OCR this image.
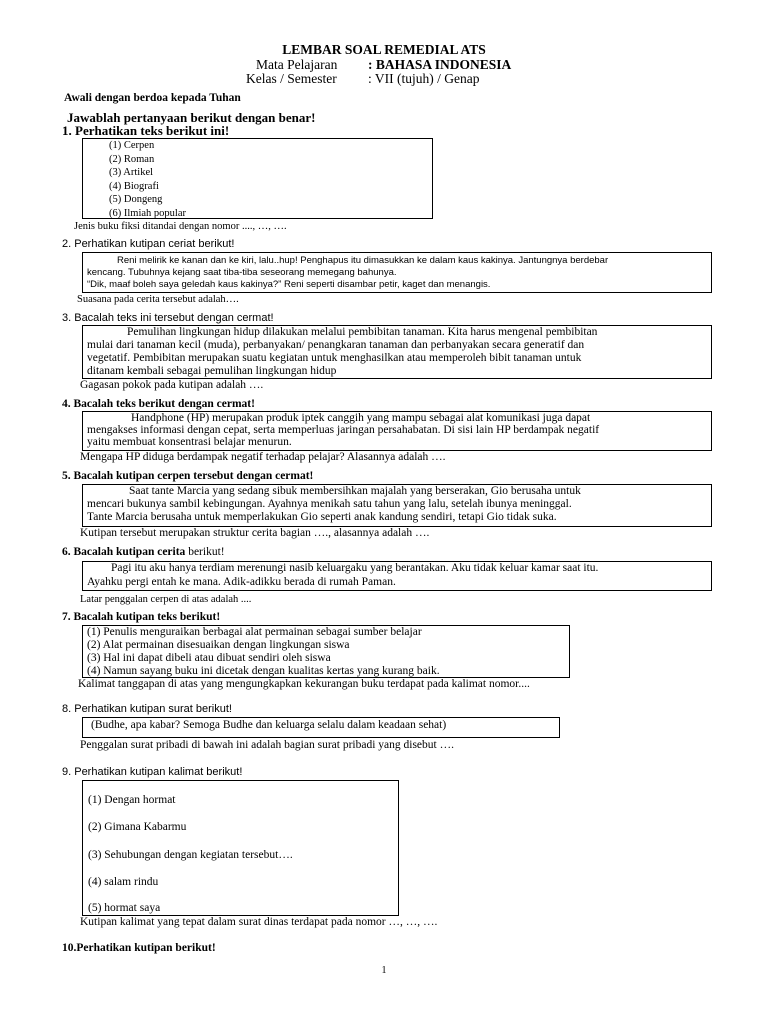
LEMBAR SOAL REMEDIAL ATS
Mata Pelajaran : BAHASA INDONESIA
Kelas / Semester : VII (tujuh) / Genap
Awali dengan berdoa kepada Tuhan
Jawablah pertanyaan berikut dengan benar!
1. Perhatikan teks berikut ini!
(1) Cerpen
(2) Roman
(3) Artikel
(4) Biografi
(5) Dongeng
(6) Ilmiah popular
Jenis buku fiksi ditandai dengan nomor ...., …, ….
2. Perhatikan kutipan ceriat berikut!
Reni melirik ke kanan dan ke kiri, lalu..hup! Penghapus itu dimasukkan ke dalam kaus kakinya. Jantungnya berdebar
kencang. Tubuhnya kejang saat tiba-tiba seseorang memegang bahunya.
“Dik, maaf boleh saya geledah kaus kakinya?” Reni seperti disambar petir, kaget dan menangis.
Suasana pada cerita tersebut adalah….
3. Bacalah teks ini tersebut dengan cermat!
Pemulihan lingkungan hidup dilakukan melalui pembibitan tanaman. Kita harus mengenal pembibitan
mulai dari tanaman kecil (muda), perbanyakan/ penangkaran tanaman dan perbanyakan secara generatif dan
vegetatif. Pembibitan merupakan suatu kegiatan untuk menghasilkan atau memperoleh bibit tanaman untuk
ditanam kembali sebagai pemulihan lingkungan hidup
Gagasan pokok pada kutipan adalah ….
4. Bacalah teks berikut dengan cermat!
Handphone (HP) merupakan produk iptek canggih yang mampu sebagai alat komunikasi juga dapat
mengakses informasi dengan cepat, serta memperluas jaringan persahabatan. Di sisi lain HP berdampak negatif
yaitu membuat konsentrasi belajar menurun.
Mengapa HP diduga berdampak negatif terhadap pelajar? Alasannya adalah ….
5. Bacalah kutipan cerpen tersebut dengan cermat!
Saat tante Marcia yang sedang sibuk membersihkan majalah yang berserakan, Gio berusaha untuk
mencari bukunya sambil kebingungan. Ayahnya menikah satu tahun yang lalu, setelah ibunya meninggal.
Tante Marcia berusaha untuk memperlakukan Gio seperti anak kandung sendiri, tetapi Gio tidak suka.
Kutipan tersebut merupakan struktur cerita bagian …., alasannya adalah ….
6. Bacalah kutipan cerita berikut!
Pagi itu aku hanya terdiam merenungi nasib keluargaku yang berantakan. Aku tidak keluar kamar saat itu.
Ayahku pergi entah ke mana. Adik-adikku berada di rumah Paman.
Latar penggalan cerpen di atas adalah ....
7. Bacalah kutipan teks berikut!
(1) Penulis menguraikan berbagai alat permainan sebagai sumber belajar
(2) Alat permainan disesuaikan dengan lingkungan siswa
(3) Hal ini dapat dibeli atau dibuat sendiri oleh siswa
(4) Namun sayang buku ini dicetak dengan kualitas kertas yang kurang baik.
Kalimat tanggapan di atas yang mengungkapkan kekurangan buku terdapat pada kalimat nomor....
8. Perhatikan kutipan surat berikut!
(Budhe, apa kabar? Semoga Budhe dan keluarga selalu dalam keadaan sehat)
Penggalan surat pribadi di bawah ini adalah bagian surat pribadi yang disebut ….
9. Perhatikan kutipan kalimat berikut!
(1) Dengan hormat
(2) Gimana Kabarmu
(3) Sehubungan dengan kegiatan tersebut….
(4) salam rindu
(5) hormat saya
Kutipan kalimat yang tepat dalam surat dinas terdapat pada nomor …, …, ….
10.Perhatikan kutipan berikut!
1
